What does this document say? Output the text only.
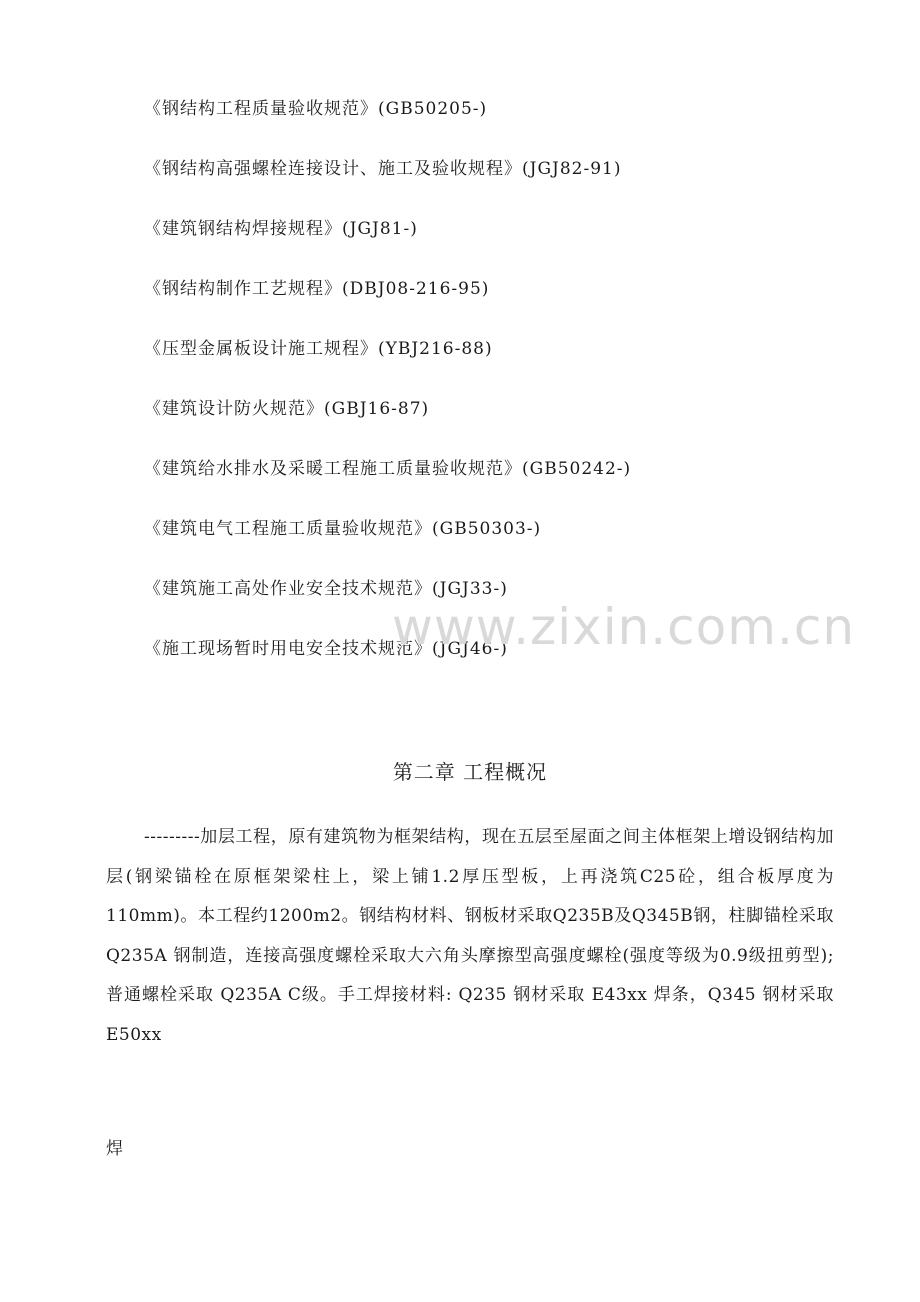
《钢结构工程质量验收规范》(GB50205-)
《钢结构高强螺栓连接设计、施工及验收规程》(JGJ82-91)
《建筑钢结构焊接规程》(JGJ81-)
《钢结构制作工艺规程》(DBJ08-216-95)
《压型金属板设计施工规程》(YBJ216-88)
《建筑设计防火规范》(GBJ16-87)
《建筑给水排水及采暖工程施工质量验收规范》(GB50242-)
《建筑电气工程施工质量验收规范》(GB50303-)
《建筑施工高处作业安全技术规范》(JGJ33-)
《施工现场暂时用电安全技术规范》(JGJ46-)
www.zixin.com.cn
第二章 工程概况
---------加层工程，原有建筑物为框架结构，现在五层至屋面之间主体框架上增设钢结构加层(钢梁锚栓在原框架梁柱上，梁上铺1.2厚压型板，上再浇筑C25砼，组合板厚度为110mm)。本工程约1200m2。钢结构材料、钢板材采取Q235B及Q345B钢，柱脚锚栓采取Q235A 钢制造，连接高强度螺栓采取大六角头摩擦型高强度螺栓(强度等级为0.9级扭剪型); 普通螺栓采取 Q235A C级。手工焊接材料: Q235 钢材采取 E43xx 焊条，Q345 钢材采取 E50xx
焊
